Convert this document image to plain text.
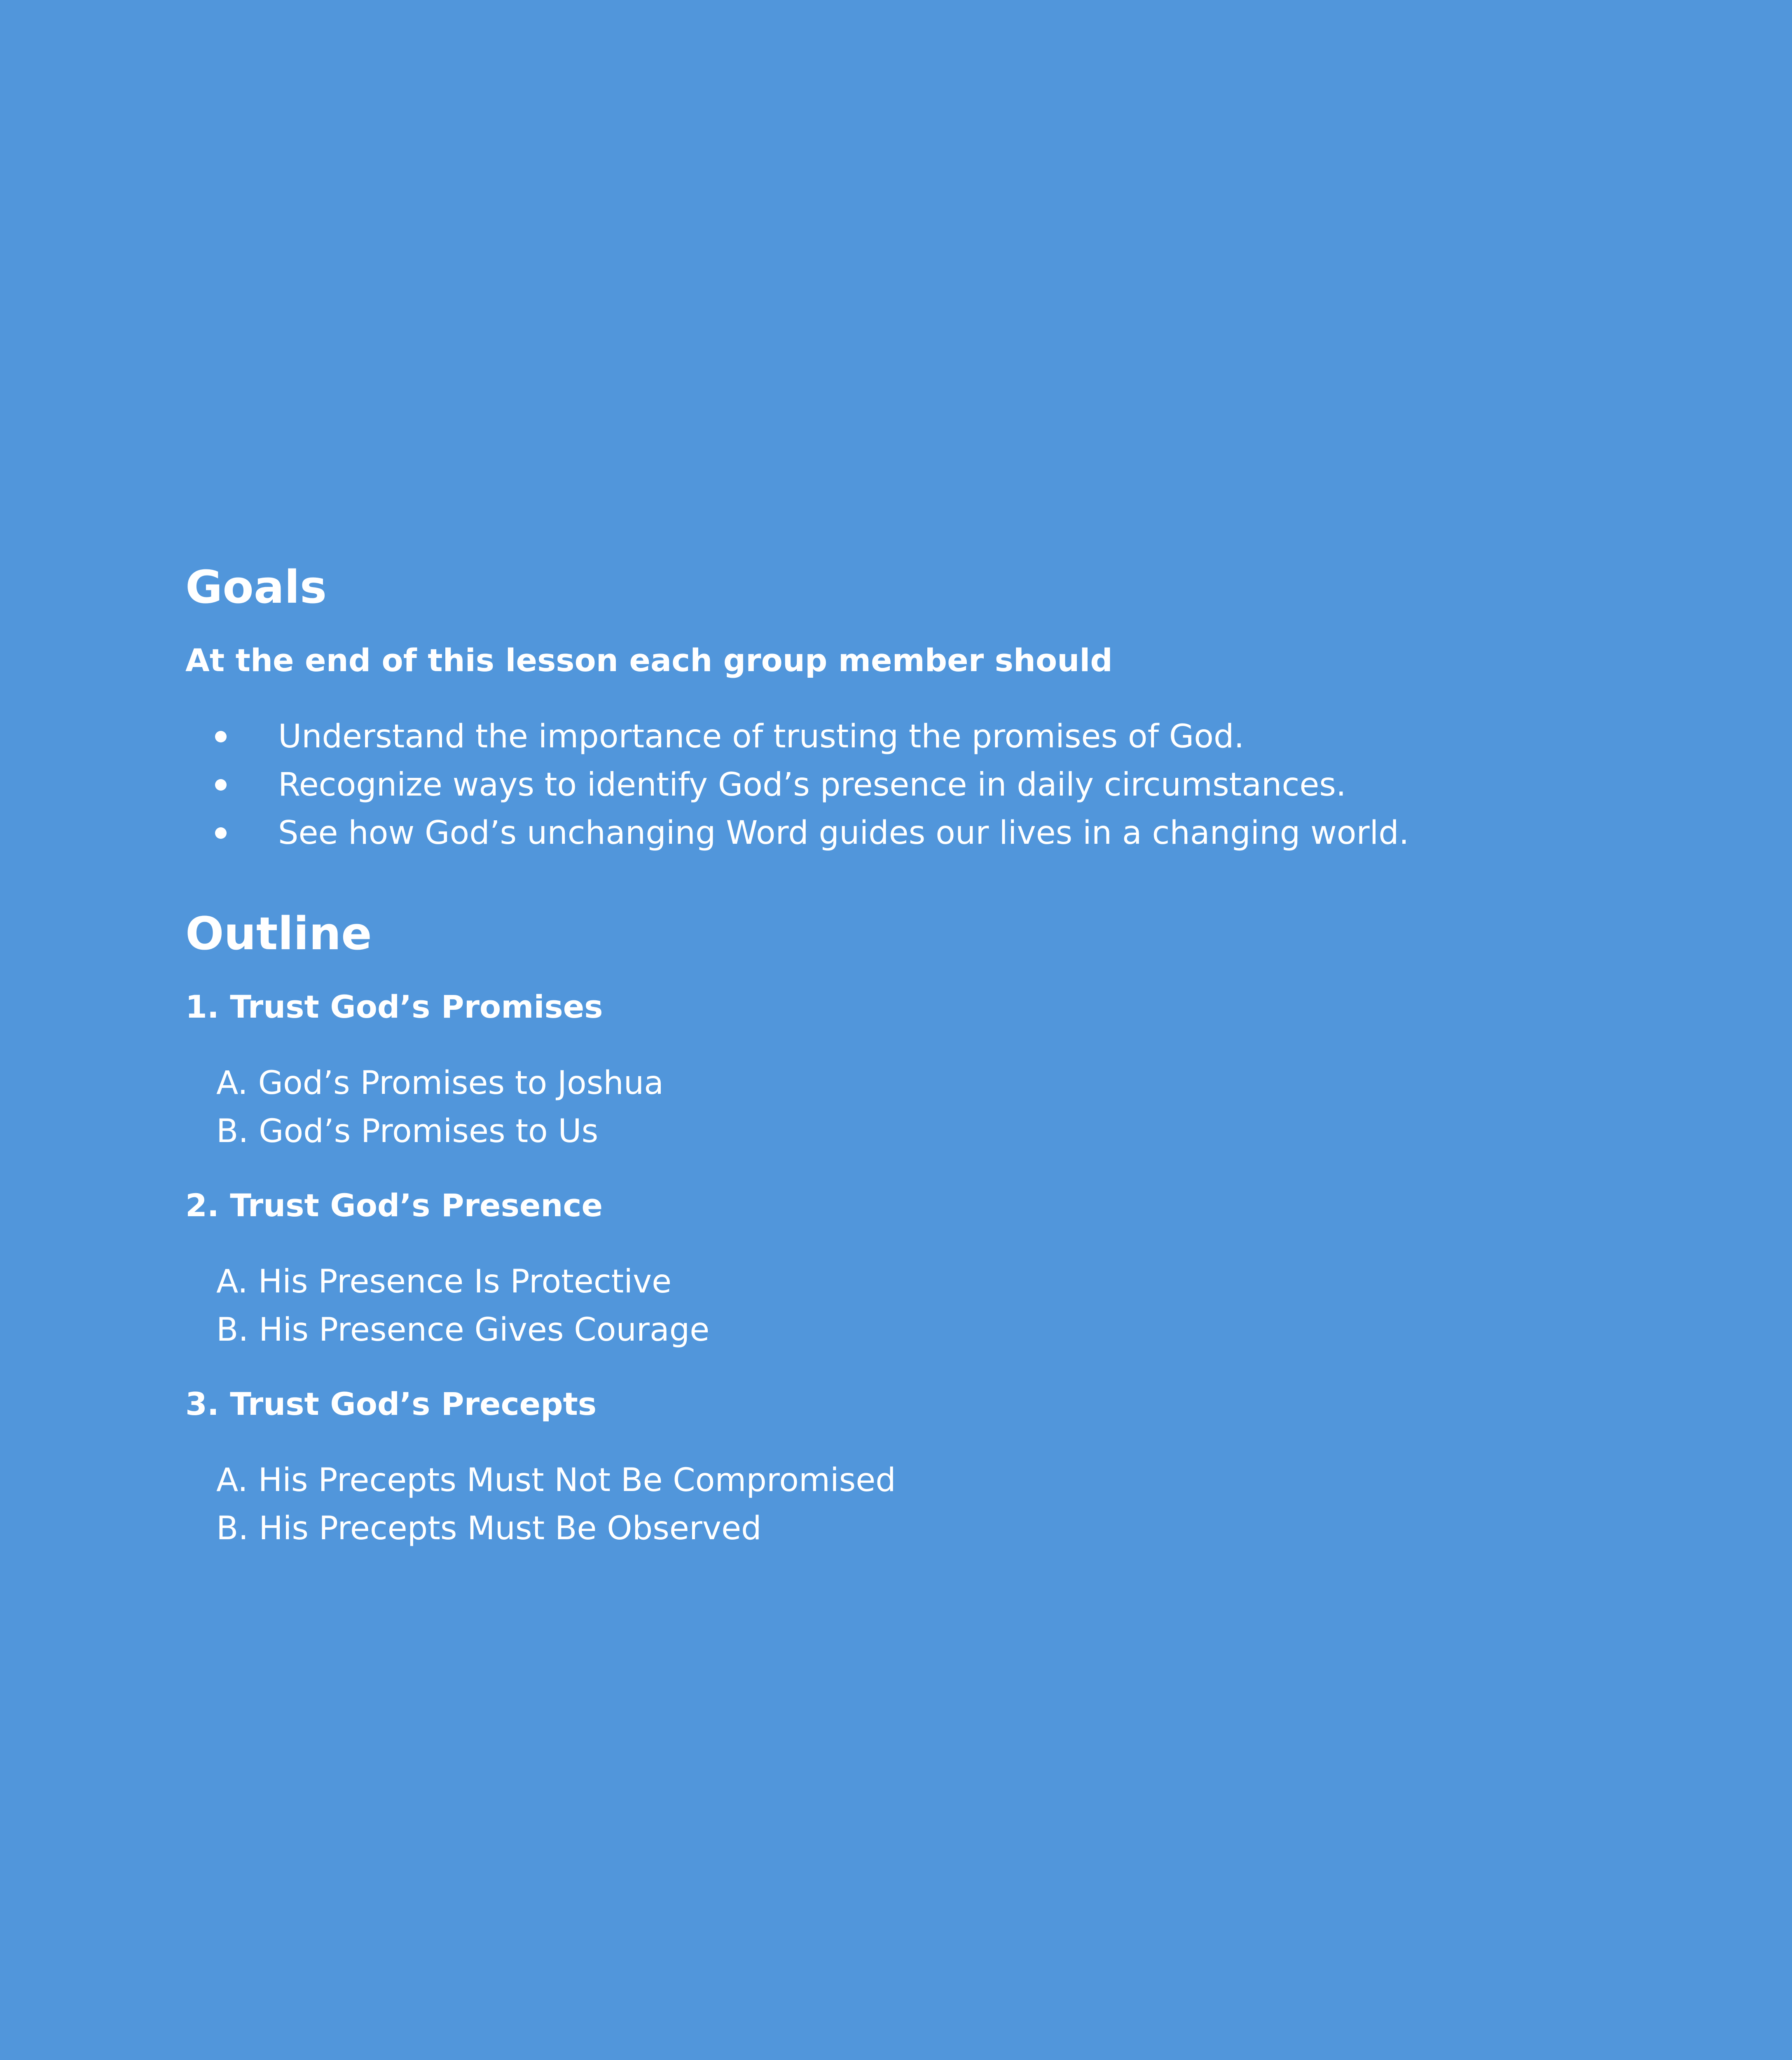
Goals

At the end of this lesson each group member should

Understand the importance of trusting the promises of God.
Recognize ways to identify God’s presence in daily circumstances.
See how God’s unchanging Word guides our lives in a changing world.
Outline

1. Trust God’s Promises

A. God’s Promises to Joshua
B. God’s Promises to Us

2. Trust God’s Presence

A. His Presence Is Protective
B. His Presence Gives Courage

3. Trust God’s Precepts

A. His Precepts Must Not Be Compromised
B. His Precepts Must Be Observed
